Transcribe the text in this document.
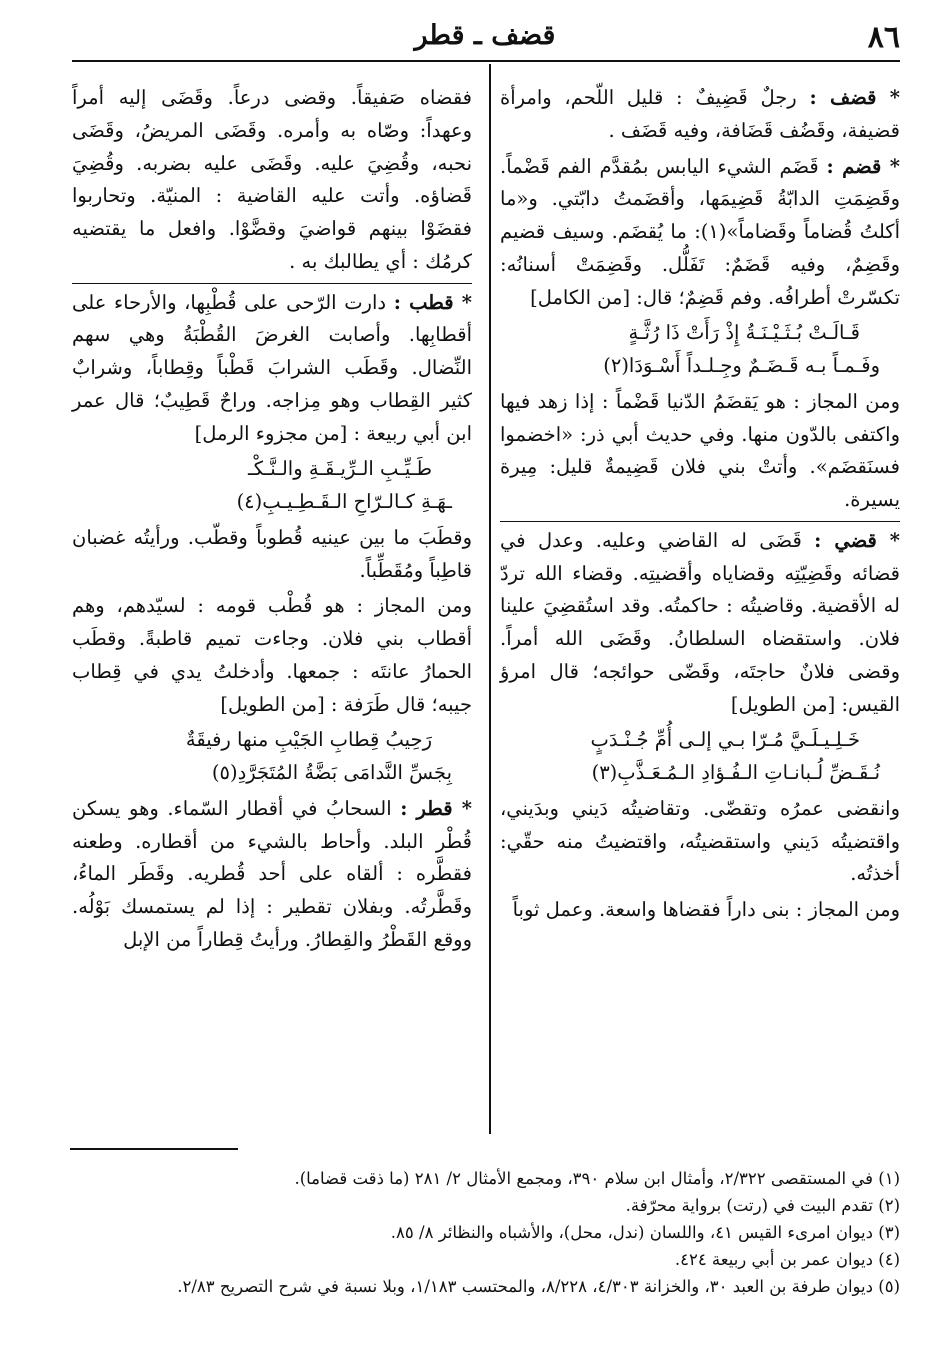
٨٦
قضف ـ قطر

* قضف : رجلٌ قَضِيفٌ : قليل اللّحم، وامرأة قضيفة، وقَضُف قَضَافة، وفيه قَضَف .

* قضم : قَضَم الشيء اليابس بمُقدَّم الفم قَضْماً. وقَضِمَتِ الدابّةُ قَضِيمَها، وأقضَمتُ دابّتي. و«ما أكلتُ قُضاماً وقَضاماً»(١): ما يُقضَم. وسيف قضيم وقَضِمٌ، وفيه قَضَمٌ: تَفَلُّل. وقَضِمَتْ أسنانُه: تكسّرتْ أطرافُه. وفم قَضِمٌ؛ قال: [من الكامل]

قَـالَـتْ بُـثَـيْـنَـةُ إِذْ رَأَتْ ذَا رُثَّـةٍ
وفَـمـاً بـه قَـضَـمٌ وجِـلـداً أَسْـوَدَا(٢)

ومن المجاز : هو يَقضَمُ الدّنيا قَضْماً : إذا زهد فيها واكتفى بالدّون منها. وفي حديث أبي ذر: «اخضموا فسنَقضَم». وأتتْ بني فلان قَضِيمةٌ قليل: مِيرة يسيرة.

* قضي : قَضَى له القاضي وعليه. وعدل في قضائه وقَضِيّتِه وقضاياه وأقضيتِه. وقضاء الله تردّ له الأقضية. وقاضيتُه : حاكمتُه. وقد استُقضِيَ علينا فلان. واستقضاه السلطانُ. وقَضَى الله أمراً. وقضى فلانٌ حاجتَه، وقَضّى حوائجه؛ قال امرؤ القيس: [من الطويل]

خَـلِـيـلَـيَّ مُـرّا بـي إلـى أُمِّ جُـنْـدَبٍ
نُـقَـضِّ لُـبانـاتِ الـفُـؤادِ الـمُـعَـذَّبِ(٣)

وانقضى عمرُه وتقضّى. وتقاضيتُه دَيني وبدَيني، واقتضيتُه دَيني واستقضيتُه، واقتضيتُ منه حقّي: أخذتُه.

ومن المجاز : بنى داراً فقضاها واسعة. وعمل ثوباً

فقضاه صَفيقاً. وقضى درعاً. وقَضَى إليه أمراً وعهداً: وصّاه به وأمره. وقَضَى المريضُ، وقَضَى نحبه، وقُضِيَ عليه. وقَضَى عليه بضربه. وقُضِيَ قَضاؤه. وأتت عليه القاضية : المنيّة. وتحاربوا فقضَوْا بينهم قواضيَ وقضَّوْا. وافعل ما يقتضيه كرمُك : أي يطالبك به .

* قطب : دارت الرّحى على قُطْبِها، والأرحاء على أقطابِها. وأصابت الغرضَ القُطْبَةُ وهي سهم النِّضال. وقَطَب الشرابَ قَطْباً وقِطاباً، وشرابٌ كثير القِطاب وهو مِزاجه. وراحٌ قَطِيبٌ؛ قال عمر ابن أبي ربيعة : [من مجزوء الرمل]

طَـيِّـبِ الـرِّيـقَـةِ والـنَّـكْـ
ـهَـةِ كـالـرّاحِ الـقَـطِـيـبِ(٤)

وقطَبَ ما بين عينيه قُطوباً وقطّب. ورأيتُه غضبان قاطِباً ومُقَطِّباً.

ومن المجاز : هو قُطْب قومه : لسيّدهم، وهم أقطاب بني فلان. وجاءت تميم قاطبةً. وقطَب الحمارُ عانتَه : جمعها. وأدخلتُ يدي في قِطاب جيبه؛ قال طَرَفة : [من الطويل]

رَحِيبُ قِطابِ الجَيْبِ منها رفيقَةٌ
بِجَسِّ النَّدامَى بَضَّةُ المُتَجَرَّدِ(٥)

* قطر : السحابُ في أقطار السّماء. وهو يسكن قُطْر البلد. وأحاط بالشيء من أقطاره. وطعنه فقطَّره : ألقاه على أحد قُطريه. وقَطَر الماءُ، وقَطَّرتُه. وبفلان تقطير : إذا لم يستمسك بَوْلُه. ووقع القَطْرُ والقِطارُ. ورأيتُ قِطاراً من الإبل

(١) في المستقصى ٢/٣٢٢، وأمثال ابن سلام ٣٩٠، ومجمع الأمثال ٢/ ٢٨١ (ما ذقت قضاما).
(٢) تقدم البيت في (رتت) برواية محرّفة.
(٣) ديوان امرىء القيس ٤١، واللسان (ندل، محل)، والأشباه والنظائر ٨/ ٨٥.
(٤) ديوان عمر بن أبي ربيعة ٤٢٤.
(٥) ديوان طرفة بن العبد ٣٠، والخزانة ٤/٣٠٣، ٨/٢٢٨، والمحتسب ١/١٨٣، وبلا نسبة في شرح التصريح ٢/٨٣.
